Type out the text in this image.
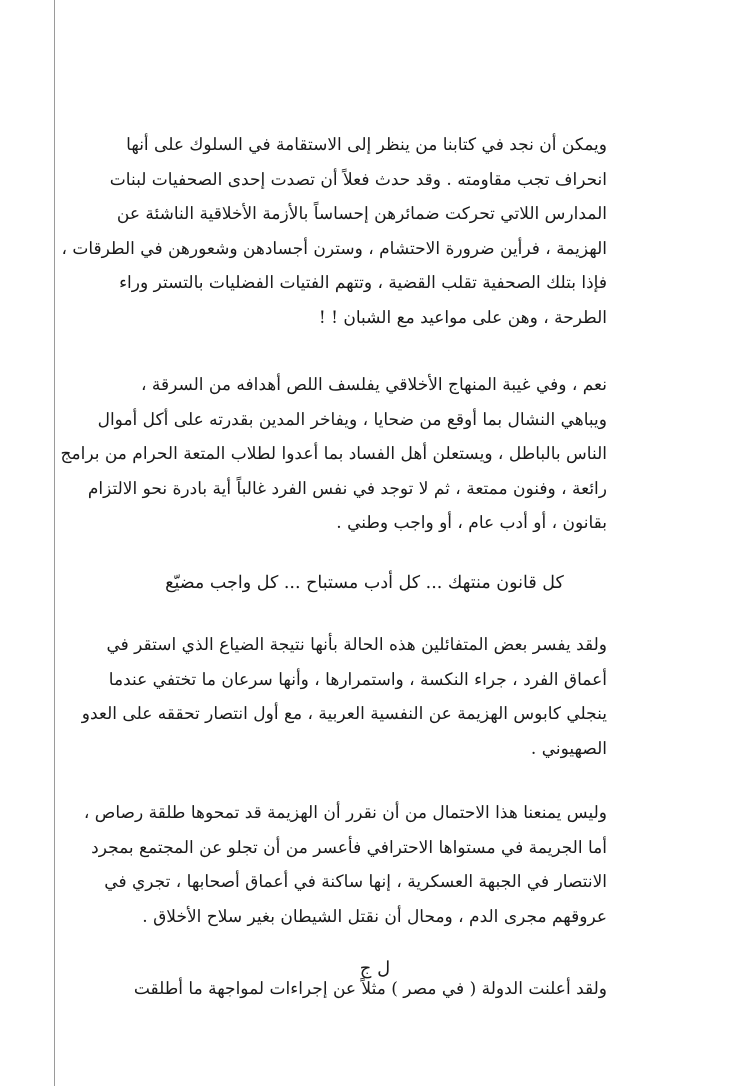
ويمكن أن نجد في كتابنا من ينظر إلى الاستقامة في السلوك على أنها
انحراف تجب مقاومته . وقد حدث فعلاً أن تصدت إحدى الصحفيات لبنات
المدارس اللاتي تحركت ضمائرهن إحساساً بالأزمة الأخلاقية الناشئة عن
الهزيمة ، فرأين ضرورة الاحتشام ، وسترن أجسادهن وشعورهن في الطرقات ،
فإذا بتلك الصحفية تقلب القضية ، وتتهم الفتيات الفضليات بالتستر وراء
الطرحة ، وهن على مواعيد مع الشبان ! !
نعم ، وفي غيبة المنهاج الأخلاقي يفلسف اللص أهدافه من السرقة ،
ويباهي النشال بما أوقع من ضحايا ، ويفاخر المدين بقدرته على أكل أموال
الناس بالباطل ، ويستعلن أهل الفساد بما أعدوا لطلاب المتعة الحرام من برامج
رائعة ، وفنون ممتعة ، ثم لا توجد في نفس الفرد غالباً أية بادرة نحو الالتزام
بقانون ، أو أدب عام ، أو واجب وطني .
كل قانون منتهك ... كل أدب مستباح ... كل واجب مضيّع
ولقد يفسر بعض المتفائلين هذه الحالة بأنها نتيجة الضياع الذي استقر في
أعماق الفرد ، جراء النكسة ، واستمرارها ، وأنها سرعان ما تختفي عندما
ينجلي كابوس الهزيمة عن النفسية العربية ، مع أول انتصار تحققه على العدو
الصهيوني .
وليس يمنعنا هذا الاحتمال من أن نقرر أن الهزيمة قد تمحوها طلقة رصاص ،
أما الجريمة في مستواها الاحترافي فأعسر من أن تجلو عن المجتمع بمجرد
الانتصار في الجبهة العسكرية ، إنها ساكنة في أعماق أصحابها ، تجري في
عروقهم مجرى الدم ، ومحال أن نقتل الشيطان بغير سلاح الأخلاق .
ولقد أعلنت الدولة ( في مصر ) مثلاً عن إجراءات لمواجهة ما أطلقت
ل ج
